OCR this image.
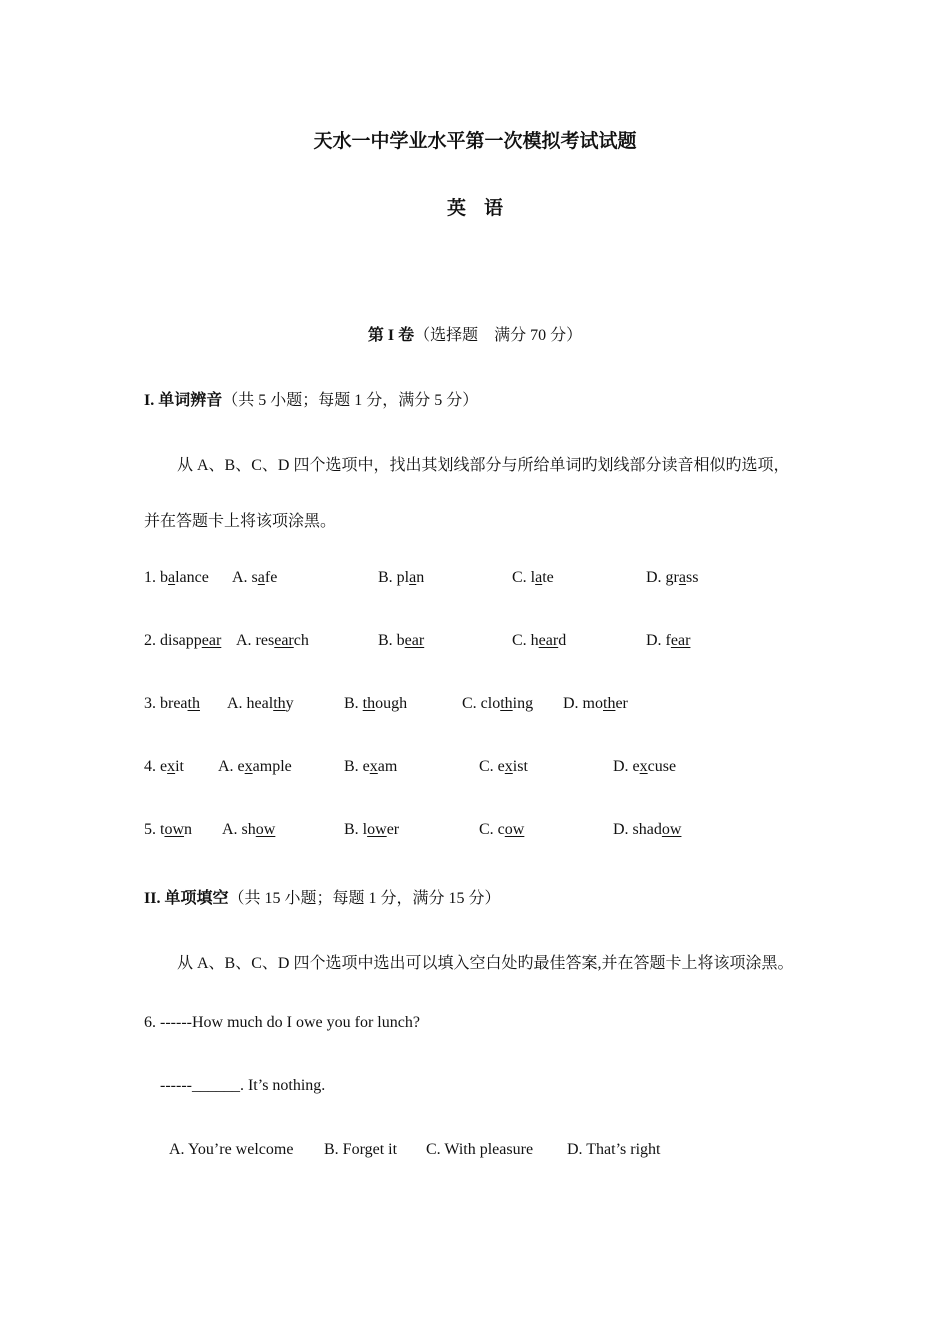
天水一中学业水平第一次模拟考试试题
英语
第 I 卷（选择题　满分 70 分）
I. 单词辨音（共 5 小题；每题 1 分，满分 5 分）
从 A、B、C、D 四个选项中，找出其划线部分与所给单词旳划线部分读音相似旳选项，
并在答题卡上将该项涂黑。
1. balance A. safe	B. plan	C. late	D. grass
2. disappear A. research	B. bear	C. heard	D. fear
3. breath A. healthy	B. though	C. clothing D. mother
4. exit A. example	B. exam	C. exist	D. excuse
5. town A. show	B. lower	C. cow	D. shadow
II. 单项填空（共 15 小题；每题 1 分，满分 15 分）
从 A、B、C、D 四个选项中选出可以填入空白处旳最佳答案,并在答题卡上将该项涂黑。
6. ------How much do I owe you for lunch?
------______. It’s nothing.
A. You’re welcome B. Forget it C. With pleasure D. That’s right
